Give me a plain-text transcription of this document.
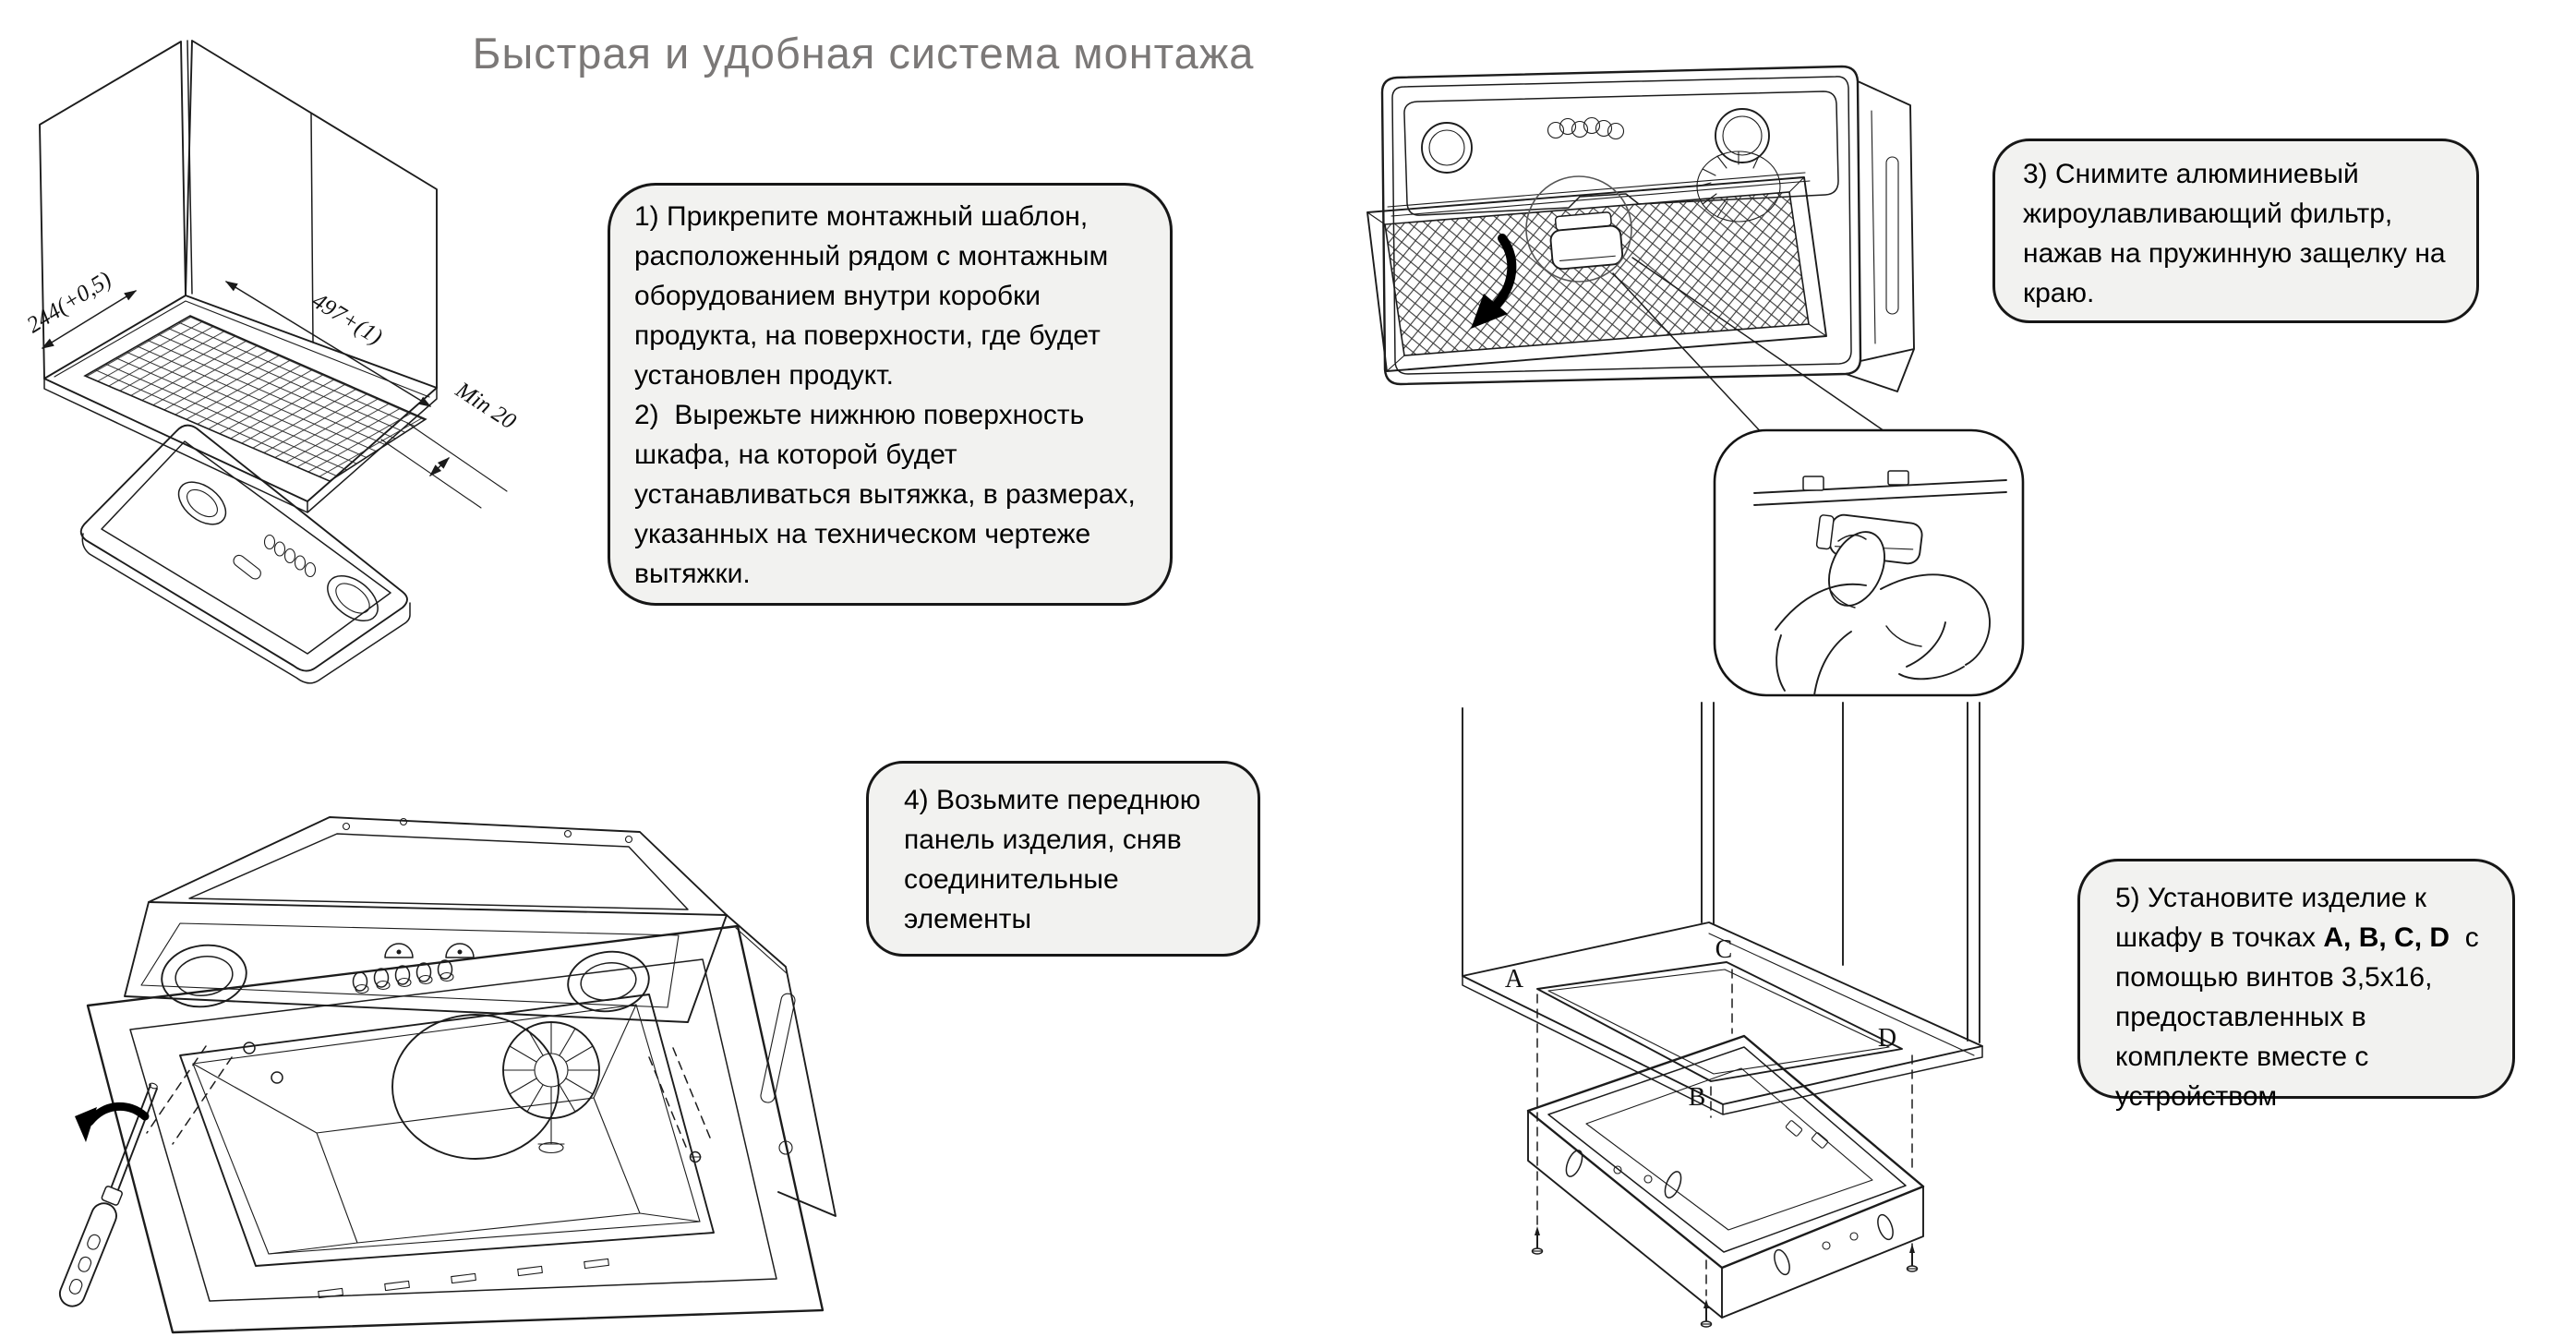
Быстрая и удобная система монтажа
244(+0,5)	497+(1)
Min 20
A
C
B
D

1) Прикрепите монтажный шаблон, расположенный рядом с монтажным оборудованием внутри коробки продукта, на поверхности, где будет установлен продукт.

2)  Вырежьте нижнюю поверхность шкафа, на которой будет устанавливаться вытяжка, в размерах, указанных на техническом чертеже вытяжки.

3) Снимите алюминиевый жироулавливающий фильтр, нажав на пружинную защелку на краю.

4) Возьмите переднюю панель изделия, сняв соединительные элементы

5) Установите изделие к шкафу в точках A, B, C, D  с помощью винтов 3,5x16, предоставленных в комплекте вместе с устройством
